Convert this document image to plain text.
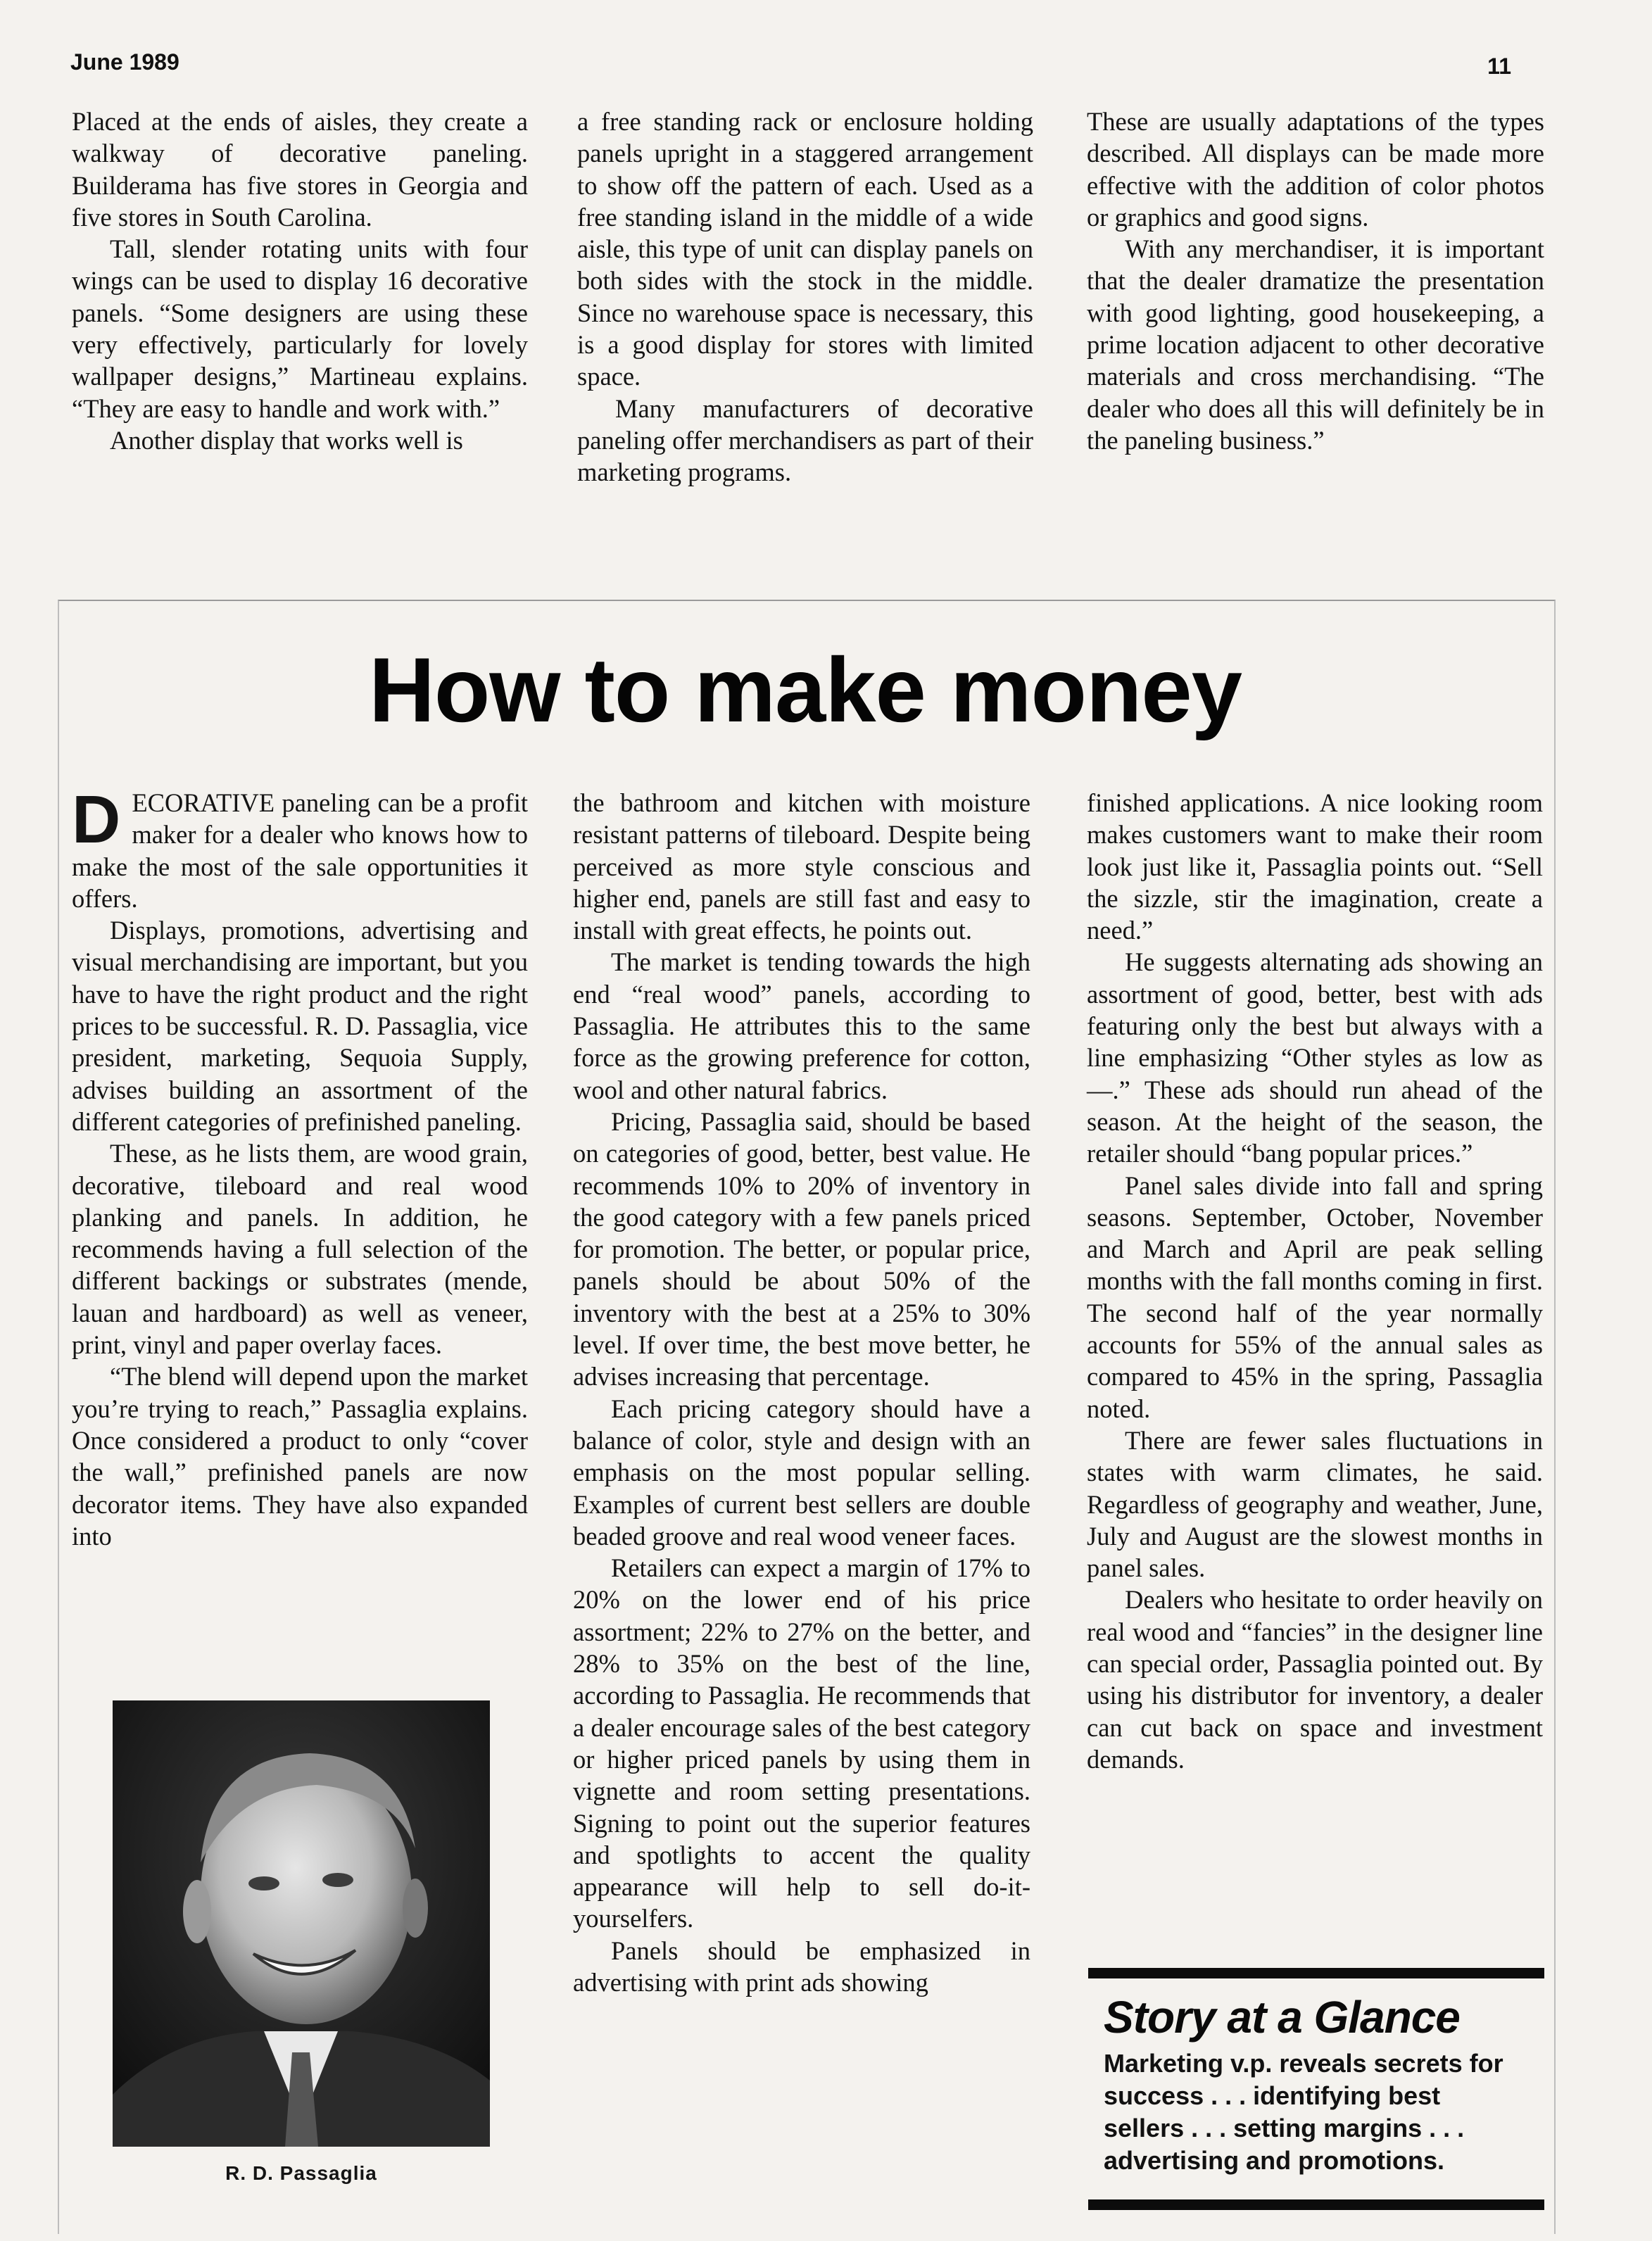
June 1989	11

Placed at the ends of aisles, they create a walkway of decorative paneling. Builderama has five stores in Georgia and five stores in South Carolina.

Tall, slender rotating units with four wings can be used to display 16 decorative panels. “Some designers are using these very effectively, particularly for lovely wallpaper designs,” Martineau explains. “They are easy to handle and work with.”

Another display that works well is

a free standing rack or enclosure holding panels upright in a staggered arrangement to show off the pattern of each. Used as a free standing island in the middle of a wide aisle, this type of unit can display panels on both sides with the stock in the middle. Since no warehouse space is necessary, this is a good display for stores with limited space.

Many manufacturers of decorative paneling offer merchandisers as part of their marketing programs.

These are usually adaptations of the types described. All displays can be made more effective with the addition of color photos or graphics and good signs.

With any merchandiser, it is important that the dealer dramatize the presentation with good lighting, good housekeeping, a prime location adjacent to other decorative materials and cross merchandising. “The dealer who does all this will definitely be in the paneling business.”

How to make money

DECORATIVE paneling can be a profit maker for a dealer who knows how to make the most of the sale opportunities it offers.

Displays, promotions, advertising and visual merchandising are important, but you have to have the right product and the right prices to be successful. R. D. Passaglia, vice president, marketing, Sequoia Supply, advises building an assortment of the different categories of prefinished paneling.

These, as he lists them, are wood grain, decorative, tileboard and real wood planking and panels. In addition, he recommends having a full selection of the different backings or substrates (mende, lauan and hardboard) as well as veneer, print, vinyl and paper overlay faces.

“The blend will depend upon the market you’re trying to reach,” Passaglia explains. Once considered a product to only “cover the wall,” prefinished panels are now decorator items. They have also expanded into

the bathroom and kitchen with moisture resistant patterns of tileboard. Despite being perceived as more style conscious and higher end, panels are still fast and easy to install with great effects, he points out.

The market is tending towards the high end “real wood” panels, according to Passaglia. He attributes this to the same force as the growing preference for cotton, wool and other natural fabrics.

Pricing, Passaglia said, should be based on categories of good, better, best value. He recommends 10% to 20% of inventory in the good category with a few panels priced for promotion. The better, or popular price, panels should be about 50% of the inventory with the best at a 25% to 30% level. If over time, the best move better, he advises increasing that percentage.

Each pricing category should have a balance of color, style and design with an emphasis on the most popular selling. Examples of current best sellers are double beaded groove and real wood veneer faces.

Retailers can expect a margin of 17% to 20% on the lower end of his price assortment; 22% to 27% on the better, and 28% to 35% on the best of the line, according to Passaglia. He recommends that a dealer encourage sales of the best category or higher priced panels by using them in vignette and room setting presentations. Signing to point out the superior features and spotlights to accent the quality appearance will help to sell do-it-yourselfers.

Panels should be emphasized in advertising with print ads showing

finished applications. A nice looking room makes customers want to make their room look just like it, Passaglia points out. “Sell the sizzle, stir the imagination, create a need.”

He suggests alternating ads showing an assortment of good, better, best with ads featuring only the best but always with a line emphasizing “Other styles as low as —.” These ads should run ahead of the season. At the height of the season, the retailer should “bang popular prices.”

Panel sales divide into fall and spring seasons. September, October, November and March and April are peak selling months with the fall months coming in first. The second half of the year normally accounts for 55% of the annual sales as compared to 45% in the spring, Passaglia noted.

There are fewer sales fluctuations in states with warm climates, he said. Regardless of geography and weather, June, July and August are the slowest months in panel sales.

Dealers who hesitate to order heavily on real wood and “fancies” in the designer line can special order, Passaglia pointed out. By using his distributor for inventory, a dealer can cut back on space and investment demands.

R. D. Passaglia
Story at a Glance
Marketing v.p. reveals secrets for success . . . identifying best sellers . . . setting margins . . . advertising and promotions.
